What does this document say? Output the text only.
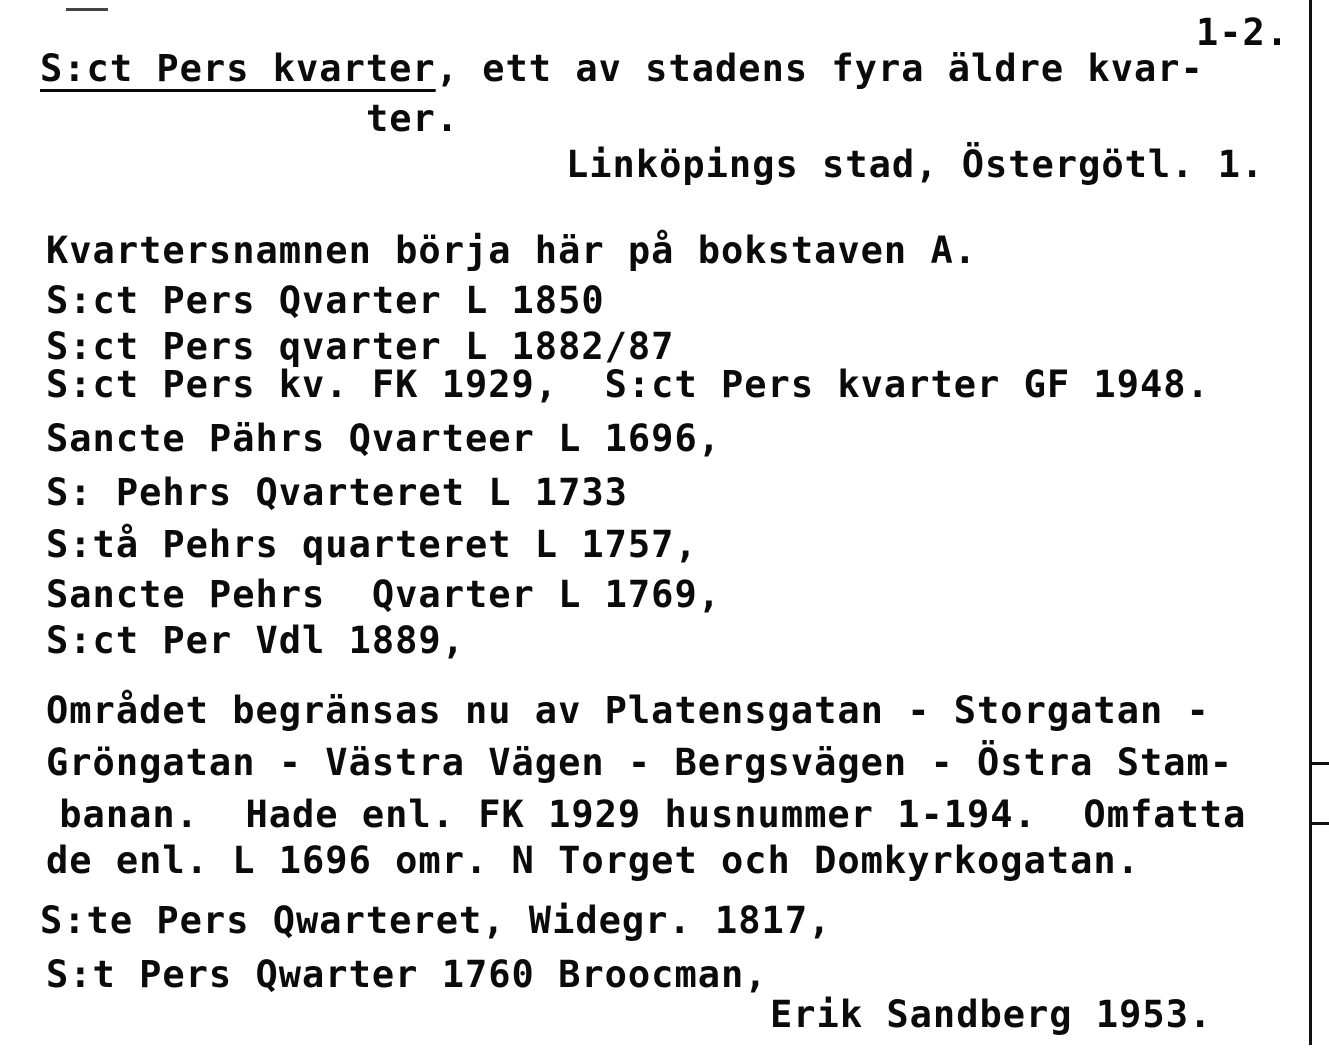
1-2.
S:ct Pers kvarter, ett av stadens fyra äldre kvar-
ter.
Linköpings stad, Östergötl. 1.
Kvartersnamnen börja här på bokstaven A.
S:ct Pers Qvarter L 1850
S:ct Pers qvarter L 1882/87
S:ct Pers kv. FK 1929,  S:ct Pers kvarter GF 1948.
Sancte Pährs Qvarteer L 1696,
S: Pehrs Qvarteret L 1733
S:tå Pehrs quarteret L 1757,
Sancte Pehrs  Qvarter L 1769,
S:ct Per Vdl 1889,
Området begränsas nu av Platensgatan - Storgatan -
Gröngatan - Västra Vägen - Bergsvägen - Östra Stam-
banan.  Hade enl. FK 1929 husnummer 1-194.  Omfatta
de enl. L 1696 omr. N Torget och Domkyrkogatan.
S:te Pers Qwarteret, Widegr. 1817,
S:t Pers Qwarter 1760 Broocman,
Erik Sandberg 1953.
